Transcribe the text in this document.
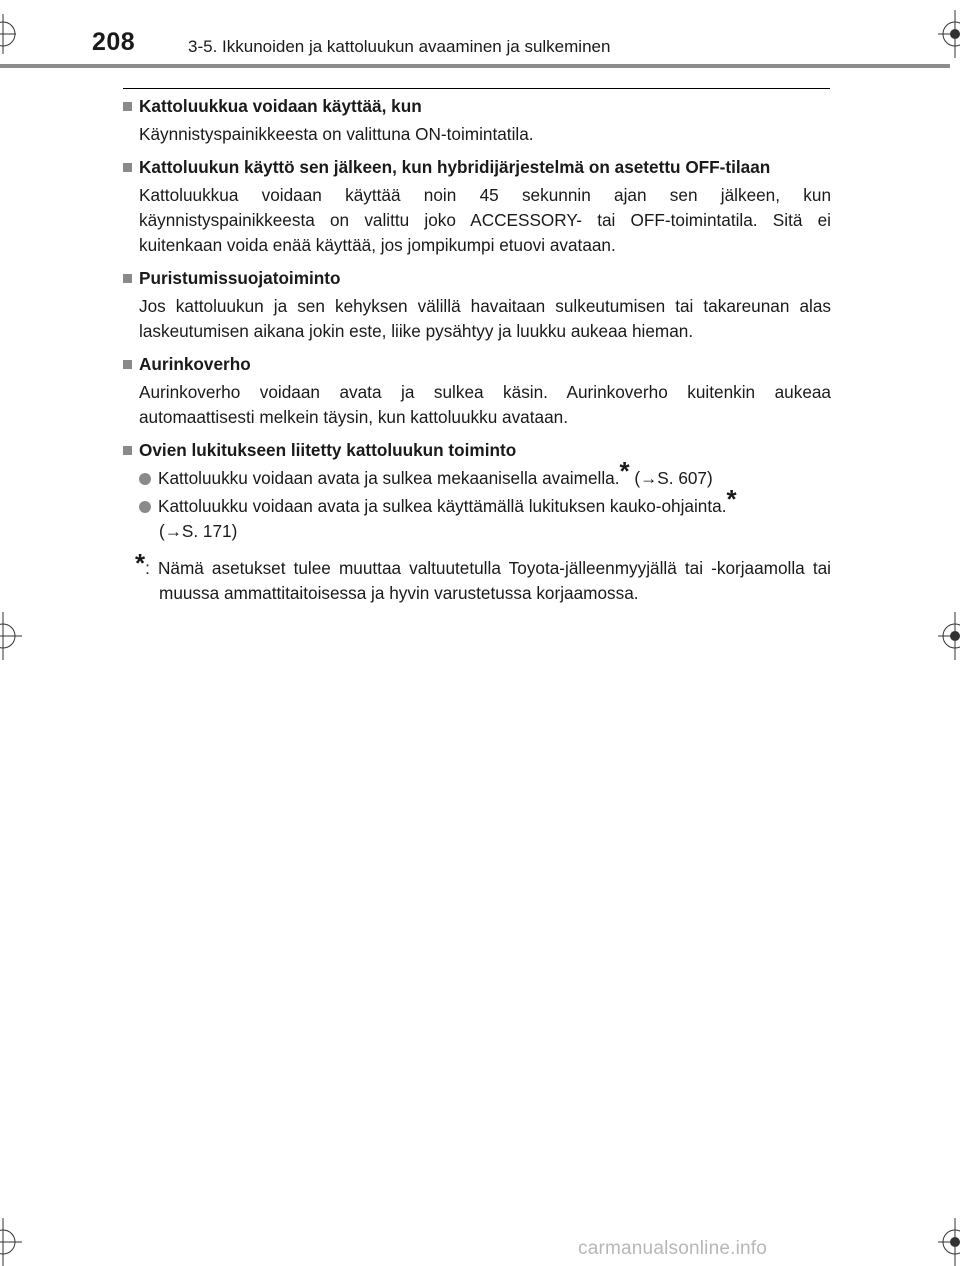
208	3-5. Ikkunoiden ja kattoluukun avaaminen ja sulkeminen

Kattoluukkua voidaan käyttää, kun

Käynnistyspainikkeesta on valittuna ON-toimintatila.

Kattoluukun käyttö sen jälkeen, kun hybridijärjestelmä on asetettu OFF-tilaan

Kattoluukkua voidaan käyttää noin 45 sekunnin ajan sen jälkeen, kun käynnistyspainikkeesta on valittu joko ACCESSORY- tai OFF-toimintatila. Sitä ei kuitenkaan voida enää käyttää, jos jompikumpi etuovi avataan.

Puristumissuojatoiminto

Jos kattoluukun ja sen kehyksen välillä havaitaan sulkeutumisen tai takareunan alas laskeutumisen aikana jokin este, liike pysähtyy ja luukku aukeaa hieman.

Aurinkoverho

Aurinkoverho voidaan avata ja sulkea käsin. Aurinkoverho kuitenkin aukeaa automaattisesti melkein täysin, kun kattoluukku avataan.

Ovien lukitukseen liitetty kattoluukun toiminto

Kattoluukku voidaan avata ja sulkea mekaanisella avaimella.* (→S. 607)

Kattoluukku voidaan avata ja sulkea käyttämällä lukituksen kauko-ohjainta.*
(→S. 171)

*: Nämä asetukset tulee muuttaa valtuutetulla Toyota-jälleenmyyjällä tai -korjaamolla tai muussa ammattitaitoisessa ja hyvin varustetussa korjaamossa.

carmanualsonline.info
